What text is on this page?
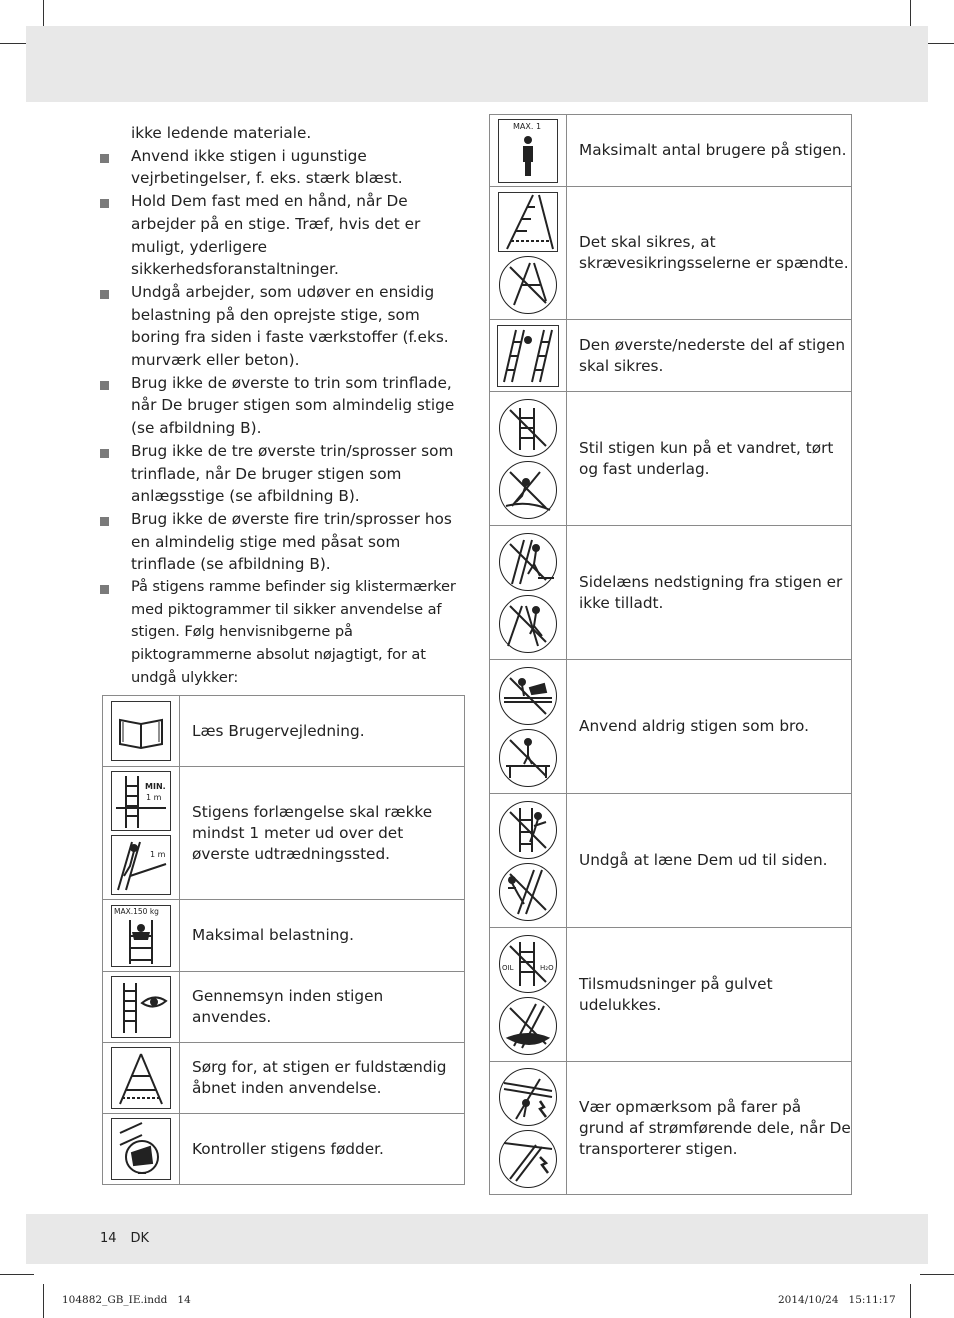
ikke ledende materiale.
Anvend ikke stigen i ugunstige vejrbetingelser, f. eks. stærk blæst.
Hold Dem fast med en hånd, når De arbejder på en stige. Træf, hvis det er muligt, yderligere sikkerhedsforanstaltninger.
Undgå arbejder, som udøver en ensidig belastning på den oprejste stige, som boring fra siden i faste værkstoffer (f.eks. murværk eller beton).
Brug ikke de øverste to trin som trinflade, når De bruger stigen som almindelig stige (se afbildning B).
Brug ikke de tre øverste trin/sprosser som trinflade, når De bruger stigen som anlægsstige (se afbildning B).
Brug ikke de øverste fire trin/sprosser hos en almindelig stige med påsat som trinflade (se afbildning B).
På stigens ramme befinder sig klistermærker med piktogrammer til sikker anvendelse af stigen. Følg henvisnibgerne på piktogrammerne absolut nøjagtigt, for at undgå ulykker:
	Læs Brugervejledning.

MIN.
1 m
1 m	Stigens forlængelse skal række mindst 1 meter ud over det øverste udtrædningssted.

MAX.150 kg	Maksimal belastning.
	Gennemsyn inden stigen anvendes.
	Sørg for, at stigen er fuldstændig åbnet inden anvendelse.
	Kontroller stigens fødder.
MAX. 1	Maksimalt antal brugere på stigen.

	Det skal sikres, at skrævesikringsselerne er spændte.
	Den øverste/nederste del af stigen skal sikres.

	Stil stigen kun på et vandret, tørt og fast underlag.

	Sidelæns nedstigning fra stigen er ikke tilladt.

	Anvend aldrig stigen som bro.

	Undgå at læne Dem ud til siden.

OIL H₂O	Tilsmudsninger på gulvet udelukkes.

	Vær opmærksom på farer på grund af strømførende dele, når De transporterer stigen.
14 DK
104882_GB_IE.indd   14	2014/10/24   15:11:17
